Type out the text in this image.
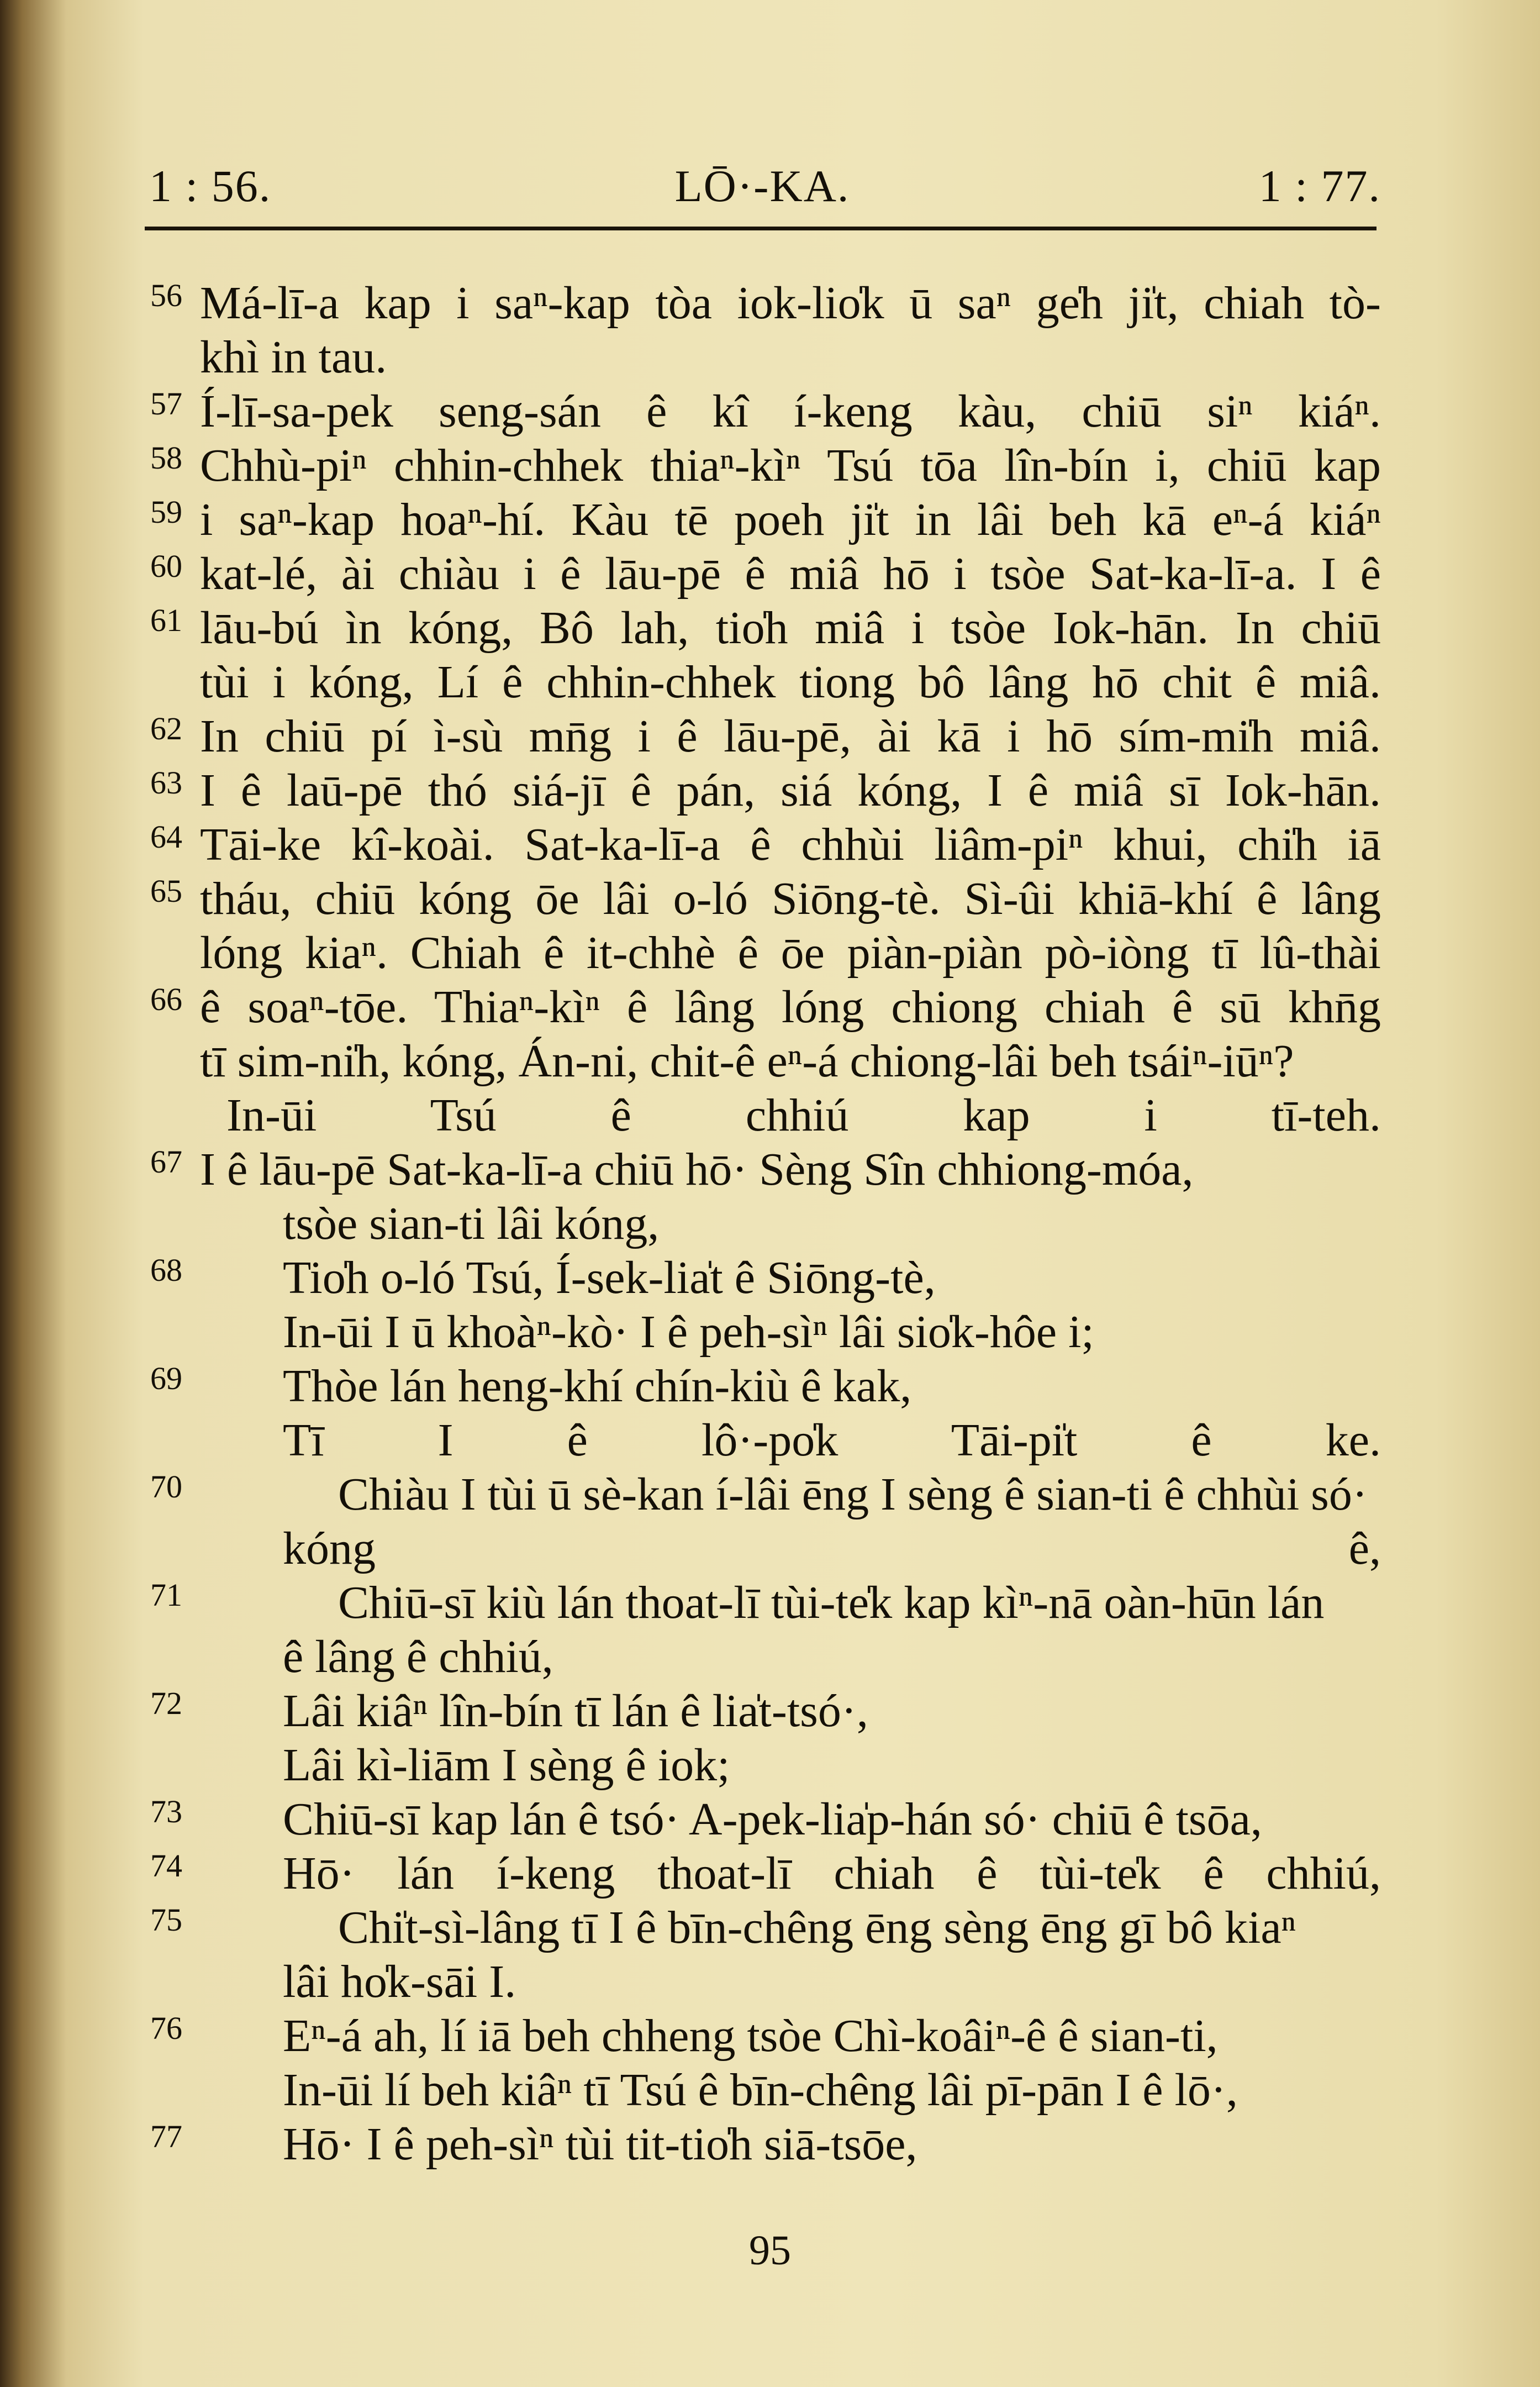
1 : 56.	LŌ·-KA.	1 : 77.
56 Má-lī-a kap i saⁿ-kap tòa iok-lio̍k ū saⁿ ge̍h ji̍t, chiah tò-
khì in tau.
57 Í-lī-sa-pek seng-sán ê kî í-keng kàu, chiū siⁿ kiáⁿ.
58 Chhù-piⁿ chhin-chhek thiaⁿ-kìⁿ Tsú tōa lîn-bín i, chiū kap
59 i saⁿ-kap hoaⁿ-hí. Kàu tē poeh ji̍t in lâi beh kā eⁿ-á kiáⁿ
60 kat-lé, ài chiàu i ê lāu-pē ê miâ hō i tsòe Sat-ka-lī-a. I ê
61 lāu-bú ìn kóng, Bô lah, tio̍h miâ i tsòe Iok-hān. In chiū
tùi i kóng, Lí ê chhin-chhek tiong bô lâng hō chit ê miâ.
62 In chiū pí ì-sù mn̄g i ê lāu-pē, ài kā i hō sím-mi̍h miâ.
63 I ê laū-pē thó siá-jī ê pán, siá kóng, I ê miâ sī Iok-hān.
64 Tāi-ke kî-koài. Sat-ka-lī-a ê chhùi liâm-piⁿ khui, chi̍h iā
65 tháu, chiū kóng ōe lâi o-ló Siōng-tè. Sì-ûi khiā-khí ê lâng
lóng kiaⁿ. Chiah ê it-chhè ê ōe piàn-piàn pò-iòng tī lû-thài
66 ê soaⁿ-tōe. Thiaⁿ-kìⁿ ê lâng lóng chiong chiah ê sū khn̄g
tī sim-ni̍h, kóng, Án-ni, chit-ê eⁿ-á chiong-lâi beh tsáiⁿ-iūⁿ?
In-ūi Tsú ê chhiú kap i tī-teh.
67 I ê lāu-pē Sat-ka-lī-a chiū hō· Sèng Sîn chhiong-móa,
tsòe sian-ti lâi kóng,
68 Tio̍h o-ló Tsú, Í-sek-lia̍t ê Siōng-tè,
In-ūi I ū khoàⁿ-kò· I ê peh-sìⁿ lâi sio̍k-hôe i;
69 Thòe lán heng-khí chín-kiù ê kak,
Tī I ê lô·-po̍k Tāi-pi̍t ê ke.
70	Chiàu I tùi ū sè-kan í-lâi ēng I sèng ê sian-ti ê chhùi só·
kóng ê,
71	Chiū-sī kiù lán thoat-lī tùi-te̍k kap kìⁿ-nā oàn-hūn lán
ê lâng ê chhiú,
72 Lâi kiâⁿ lîn-bín tī lán ê lia̍t-tsó·,
Lâi kì-liām I sèng ê iok;
73 Chiū-sī kap lán ê tsó· A-pek-lia̍p-hán só· chiū ê tsōa,
74 Hō· lán í-keng thoat-lī chiah ê tùi-te̍k ê chhiú,
75	Chi̍t-sì-lâng tī I ê bīn-chêng ēng sèng ēng gī bô kiaⁿ
lâi ho̍k-sāi I.
76 Eⁿ-á ah, lí iā beh chheng tsòe Chì-koâiⁿ-ê ê sian-ti,
In-ūi lí beh kiâⁿ tī Tsú ê bīn-chêng lâi pī-pān I ê lō·,
77 Hō· I ê peh-sìⁿ tùi tit-tio̍h siā-tsōe,
95
